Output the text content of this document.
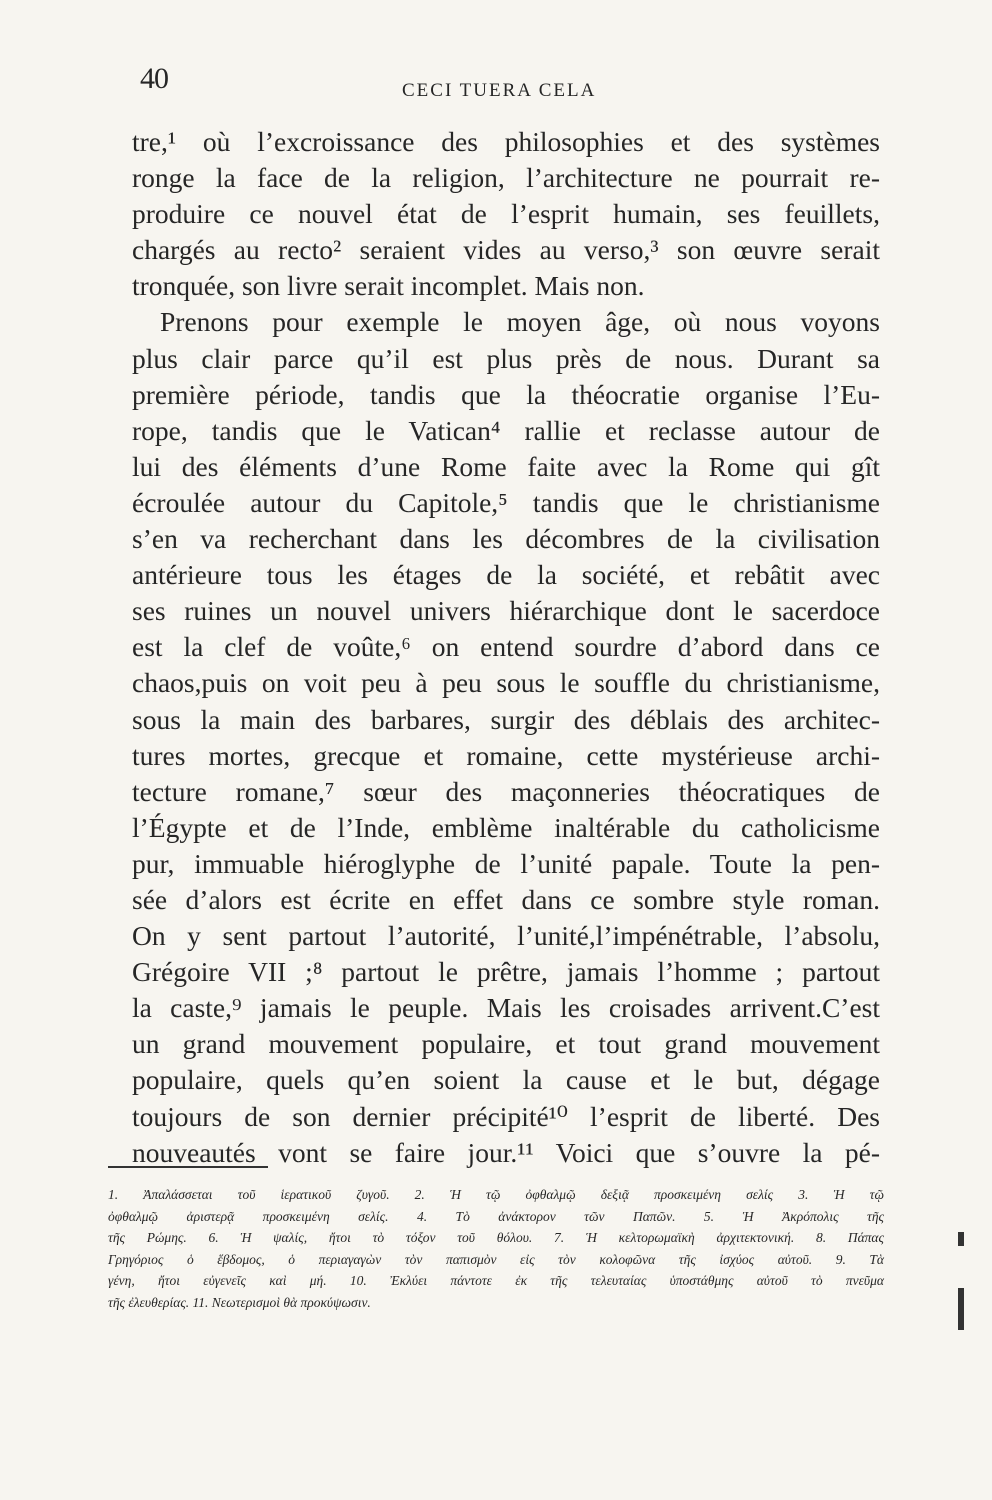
40	CECI TUERA CELA
tre,¹ où l’excroissance des philosophies et des systèmes
ronge la face de la religion, l’architecture ne pourrait re-
produire ce nouvel état de l’esprit humain, ses feuillets,
chargés au recto² seraient vides au verso,³ son œuvre serait
tronquée, son livre serait incomplet. Mais non.
Prenons pour exemple le moyen âge, où nous voyons
plus clair parce qu’il est plus près de nous. Durant sa
première période, tandis que la théocratie organise l’Eu-
rope, tandis que le Vatican⁴ rallie et reclasse autour de
lui des éléments d’une Rome faite avec la Rome qui gît
écroulée autour du Capitole,⁵ tandis que le christianisme
s’en va recherchant dans les décombres de la civilisation
antérieure tous les étages de la société, et rebâtit avec
ses ruines un nouvel univers hiérarchique dont le sacerdoce
est la clef de voûte,⁶ on entend sourdre d’abord dans ce
chaos,puis on voit peu à peu sous le souffle du christianisme,
sous la main des barbares, surgir des déblais des architec-
tures mortes, grecque et romaine, cette mystérieuse archi-
tecture romane,⁷ sœur des maçonneries théocratiques de
l’Égypte et de l’Inde, emblème inaltérable du catholicisme
pur, immuable hiéroglyphe de l’unité papale. Toute la pen-
sée d’alors est écrite en effet dans ce sombre style roman.
On y sent partout l’autorité, l’unité,l’impénétrable, l’absolu,
Grégoire VII ;⁸ partout le prêtre, jamais l’homme ; partout
la caste,⁹ jamais le peuple. Mais les croisades arrivent.C’est
un grand mouvement populaire, et tout grand mouvement
populaire, quels qu’en soient la cause et le but, dégage
toujours de son dernier précipité¹⁰ l’esprit de liberté. Des
nouveautés vont se faire jour.¹¹ Voici que s’ouvre la pé-
1. Ἀπαλάσσεται τοῦ ἱερατικοῦ ζυγοῦ. 2. Ἡ τῷ ὀφθαλμῷ δεξιᾷ προσκειμένη σελίς 3. Ἡ τῷ
ὀφθαλμῷ ἀριστερᾷ προσκειμένη σελίς. 4. Τὸ ἀνάκτορον τῶν Παπῶν. 5. Ἡ Ἀκρόπολις τῆς
τῆς Ρώμης. 6. Ἡ ψαλίς, ἤτοι τὸ τόξον τοῦ θόλου. 7. Ἡ κελτορωμαϊκὴ ἀρχιτεκτονική. 8. Πάπας
Γρηγόριος ὁ ἕβδομος, ὁ περιαγαγὼν τὸν παπισμὸν εἰς τὸν κολοφῶνα τῆς ἰσχύος αὐτοῦ. 9. Τὰ
γένη, ἤτοι εὐγενεῖς καὶ μή. 10. Ἐκλύει πάντοτε ἐκ τῆς τελευταίας ὑποστάθμης αὐτοῦ τὸ πνεῦμα
τῆς ἐλευθερίας. 11. Νεωτερισμοὶ θὰ προκύψωσιν.
